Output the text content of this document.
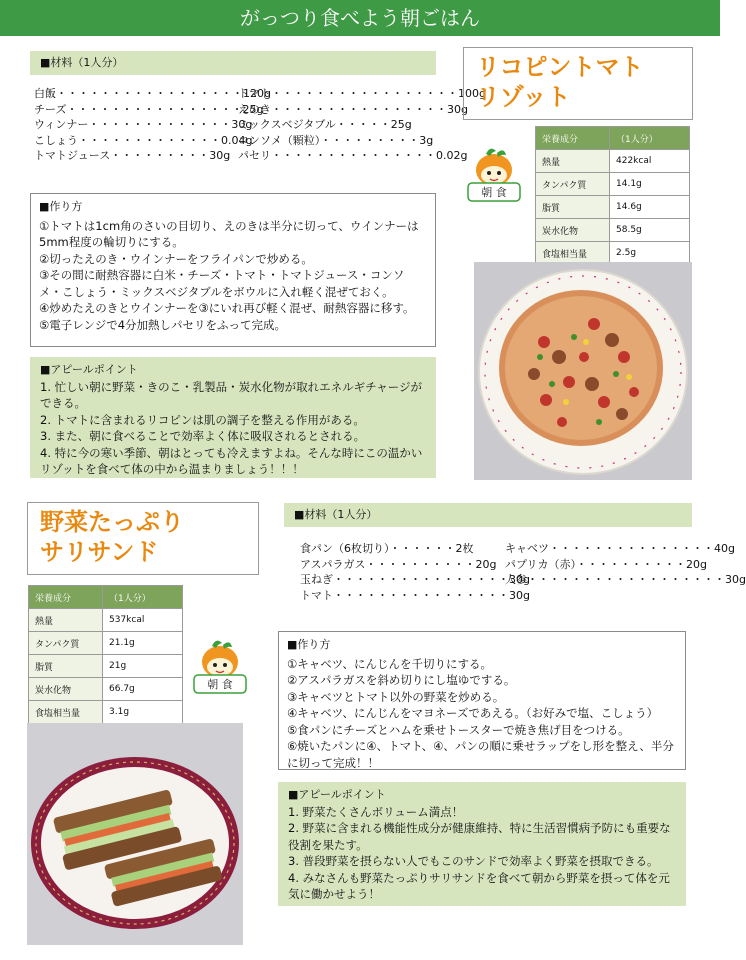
がっつり食べよう朝ごはん
■材料（1人分）
白飯・・・・・・・・・・・・・・・・・120g
チーズ・・・・・・・・・・・・・・・・25g
ウィンナー・・・・・・・・・・・・・30g
こしょう・・・・・・・・・・・・・0.04g
トマトジュース・・・・・・・・・30g
トマト・・・・・・・・・・・・・・・・・100g
えのき・・・・・・・・・・・・・・・・30g
ミックスベジタブル・・・・・25g
コンソメ（顆粒）・・・・・・・・・3g
パセリ・・・・・・・・・・・・・・・0.02g
■作り方
①トマトは1cm角のさいの目切り、えのきは半分に切って、ウインナーは5mm程度の輪切りにする。
②切ったえのき・ウインナーをフライパンで炒める。
③その間に耐熱容器に白米・チーズ・トマト・トマトジュース・コンソメ・こしょう・ミックスベジタブルをボウルに入れ軽く混ぜておく。
④炒めたえのきとウインナーを③にいれ再び軽く混ぜ、耐熱容器に移す。
⑤電子レンジで4分加熱しパセリをふって完成。
■アピールポイント
1. 忙しい朝に野菜・きのこ・乳製品・炭水化物が取れエネルギチャージができる。
2. トマトに含まれるリコピンは肌の調子を整える作用がある。
3. また、朝に食べることで効率よく体に吸収されるとされる。
4. 特に今の寒い季節、朝はとっても冷えますよね。そんな時にこの温かいリゾットを食べて体の中から温まりましょう！！！
リコピントマト
リゾット
朝 食
栄養成分	（1人分）
熱量	422kcal
タンパク質	14.1g
脂質	14.6g
炭水化物	58.5g
食塩相当量	2.5g
野菜たっぷり
サリサンド
■材料（1人分）
食パン（6枚切り）・・・・・・2枚
アスパラガス・・・・・・・・・・20g
玉ねぎ・・・・・・・・・・・・・・・・30g
トマト・・・・・・・・・・・・・・・・30g
キャベツ・・・・・・・・・・・・・・・40g
パプリカ（赤）・・・・・・・・・・20g
人参・・・・・・・・・・・・・・・・・・30g
栄養成分	（1人分）
熱量	537kcal
タンパク質	21.1g
脂質	21g
炭水化物	66.7g
食塩相当量	3.1g
朝 食
■作り方
①キャベツ、にんじんを千切りにする。
②アスパラガスを斜め切りにし塩ゆでする。
③キャベツとトマト以外の野菜を炒める。
④キャベツ、にんじんをマヨネーズであえる。（お好みで塩、こしょう）
⑤食パンにチーズとハムを乗せトースターで焼き焦げ目をつける。
⑥焼いたパンに④、トマト、④、パンの順に乗せラップをし形を整え、半分に切って完成！！
■アピールポイント
1. 野菜たくさんボリューム満点！
2. 野菜に含まれる機能性成分が健康維持、特に生活習慣病予防にも重要な役割を果たす。
3. 普段野菜を摂らない人でもこのサンドで効率よく野菜を摂取できる。
4. みなさんも野菜たっぷりサリサンドを食べて朝から野菜を摂って体を元気に働かせよう！
